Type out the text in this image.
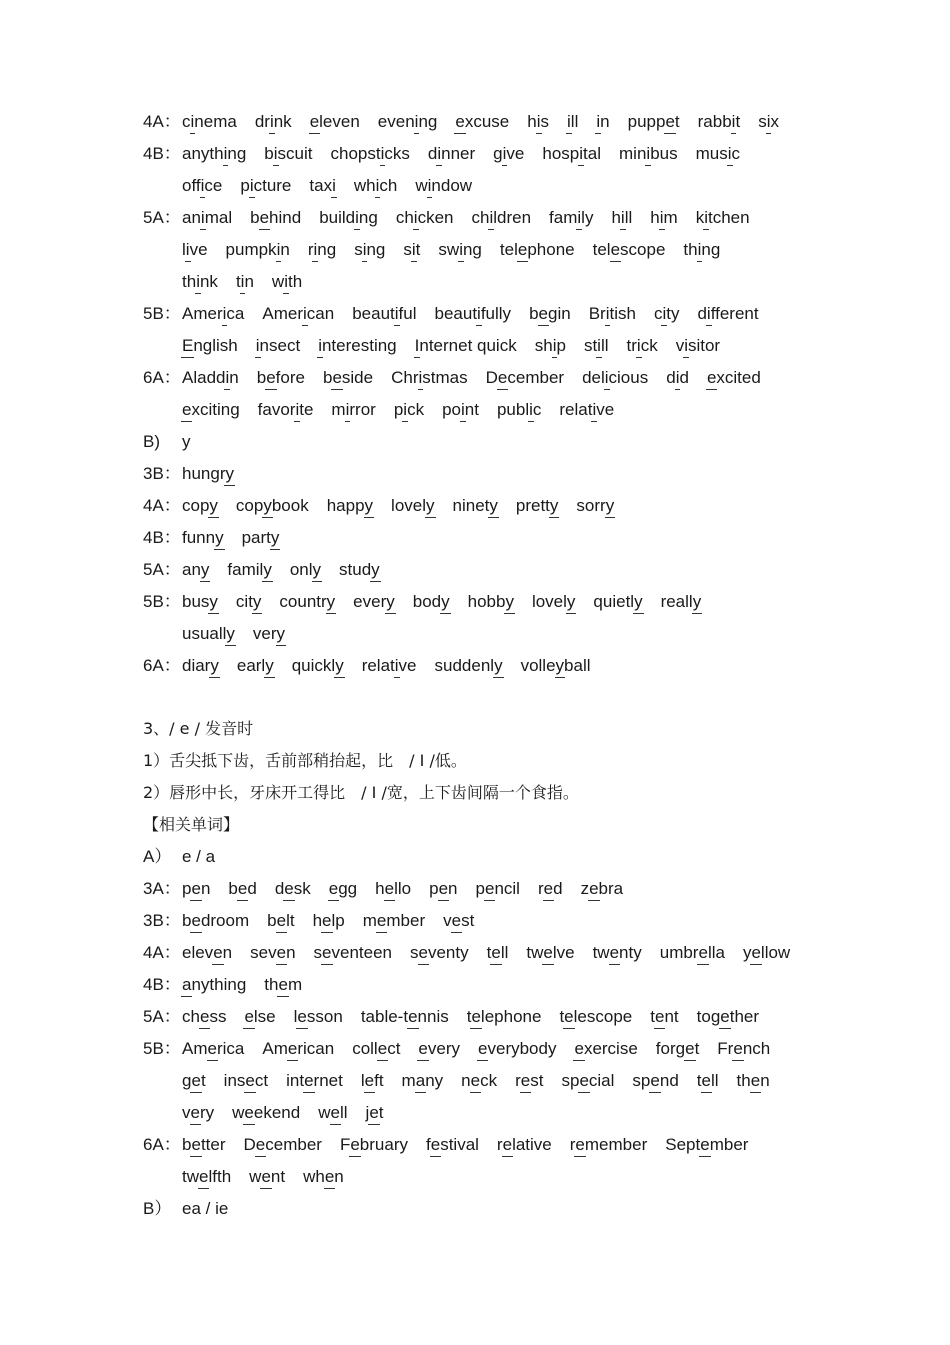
4A：cinema drink eleven evening excuse his ill in puppet rabbit six
4B：anything biscuit chopsticks dinner give hospital minibus music
office picture taxi which window
5A：animal behind building chicken children family hill him kitchen
live pumpkin ring sing sit swing telephone telescope thing
think tin with
5B：America American beautiful beautifully begin British city different
English insect interesting Internet quick ship still trick visitor
6A：Aladdin before beside Christmas December delicious did excited
exciting favorite mirror pick point public relative
B) y
3B：hungry
4A：copy copybook happy lovely ninety pretty sorry
4B：funny party
5A：any family only study
5B：busy city country every body hobby lovely quietly really
usually very
6A：diary early quickly relative suddenly volleyball
3、/ e / 发音时
1）舌尖抵下齿，舌前部稍抬起，比　/ I /低。
2）唇形中长，牙床开工得比　/ I /宽，上下齿间隔一个食指。
【相关单词】
A） e / a
3A：pen bed desk egg hello pen pencil red zebra
3B：bedroom belt help member vest
4A：eleven seven seventeen seventy tell twelve twenty umbrella yellow
4B：anything them
5A：chess else lesson table-tennis telephone telescope tent together
5B：America American collect every everybody exercise forget French
get insect internet left many neck rest special spend tell then
very weekend well jet
6A：better December February festival relative remember September
twelfth went when
B） ea / ie
